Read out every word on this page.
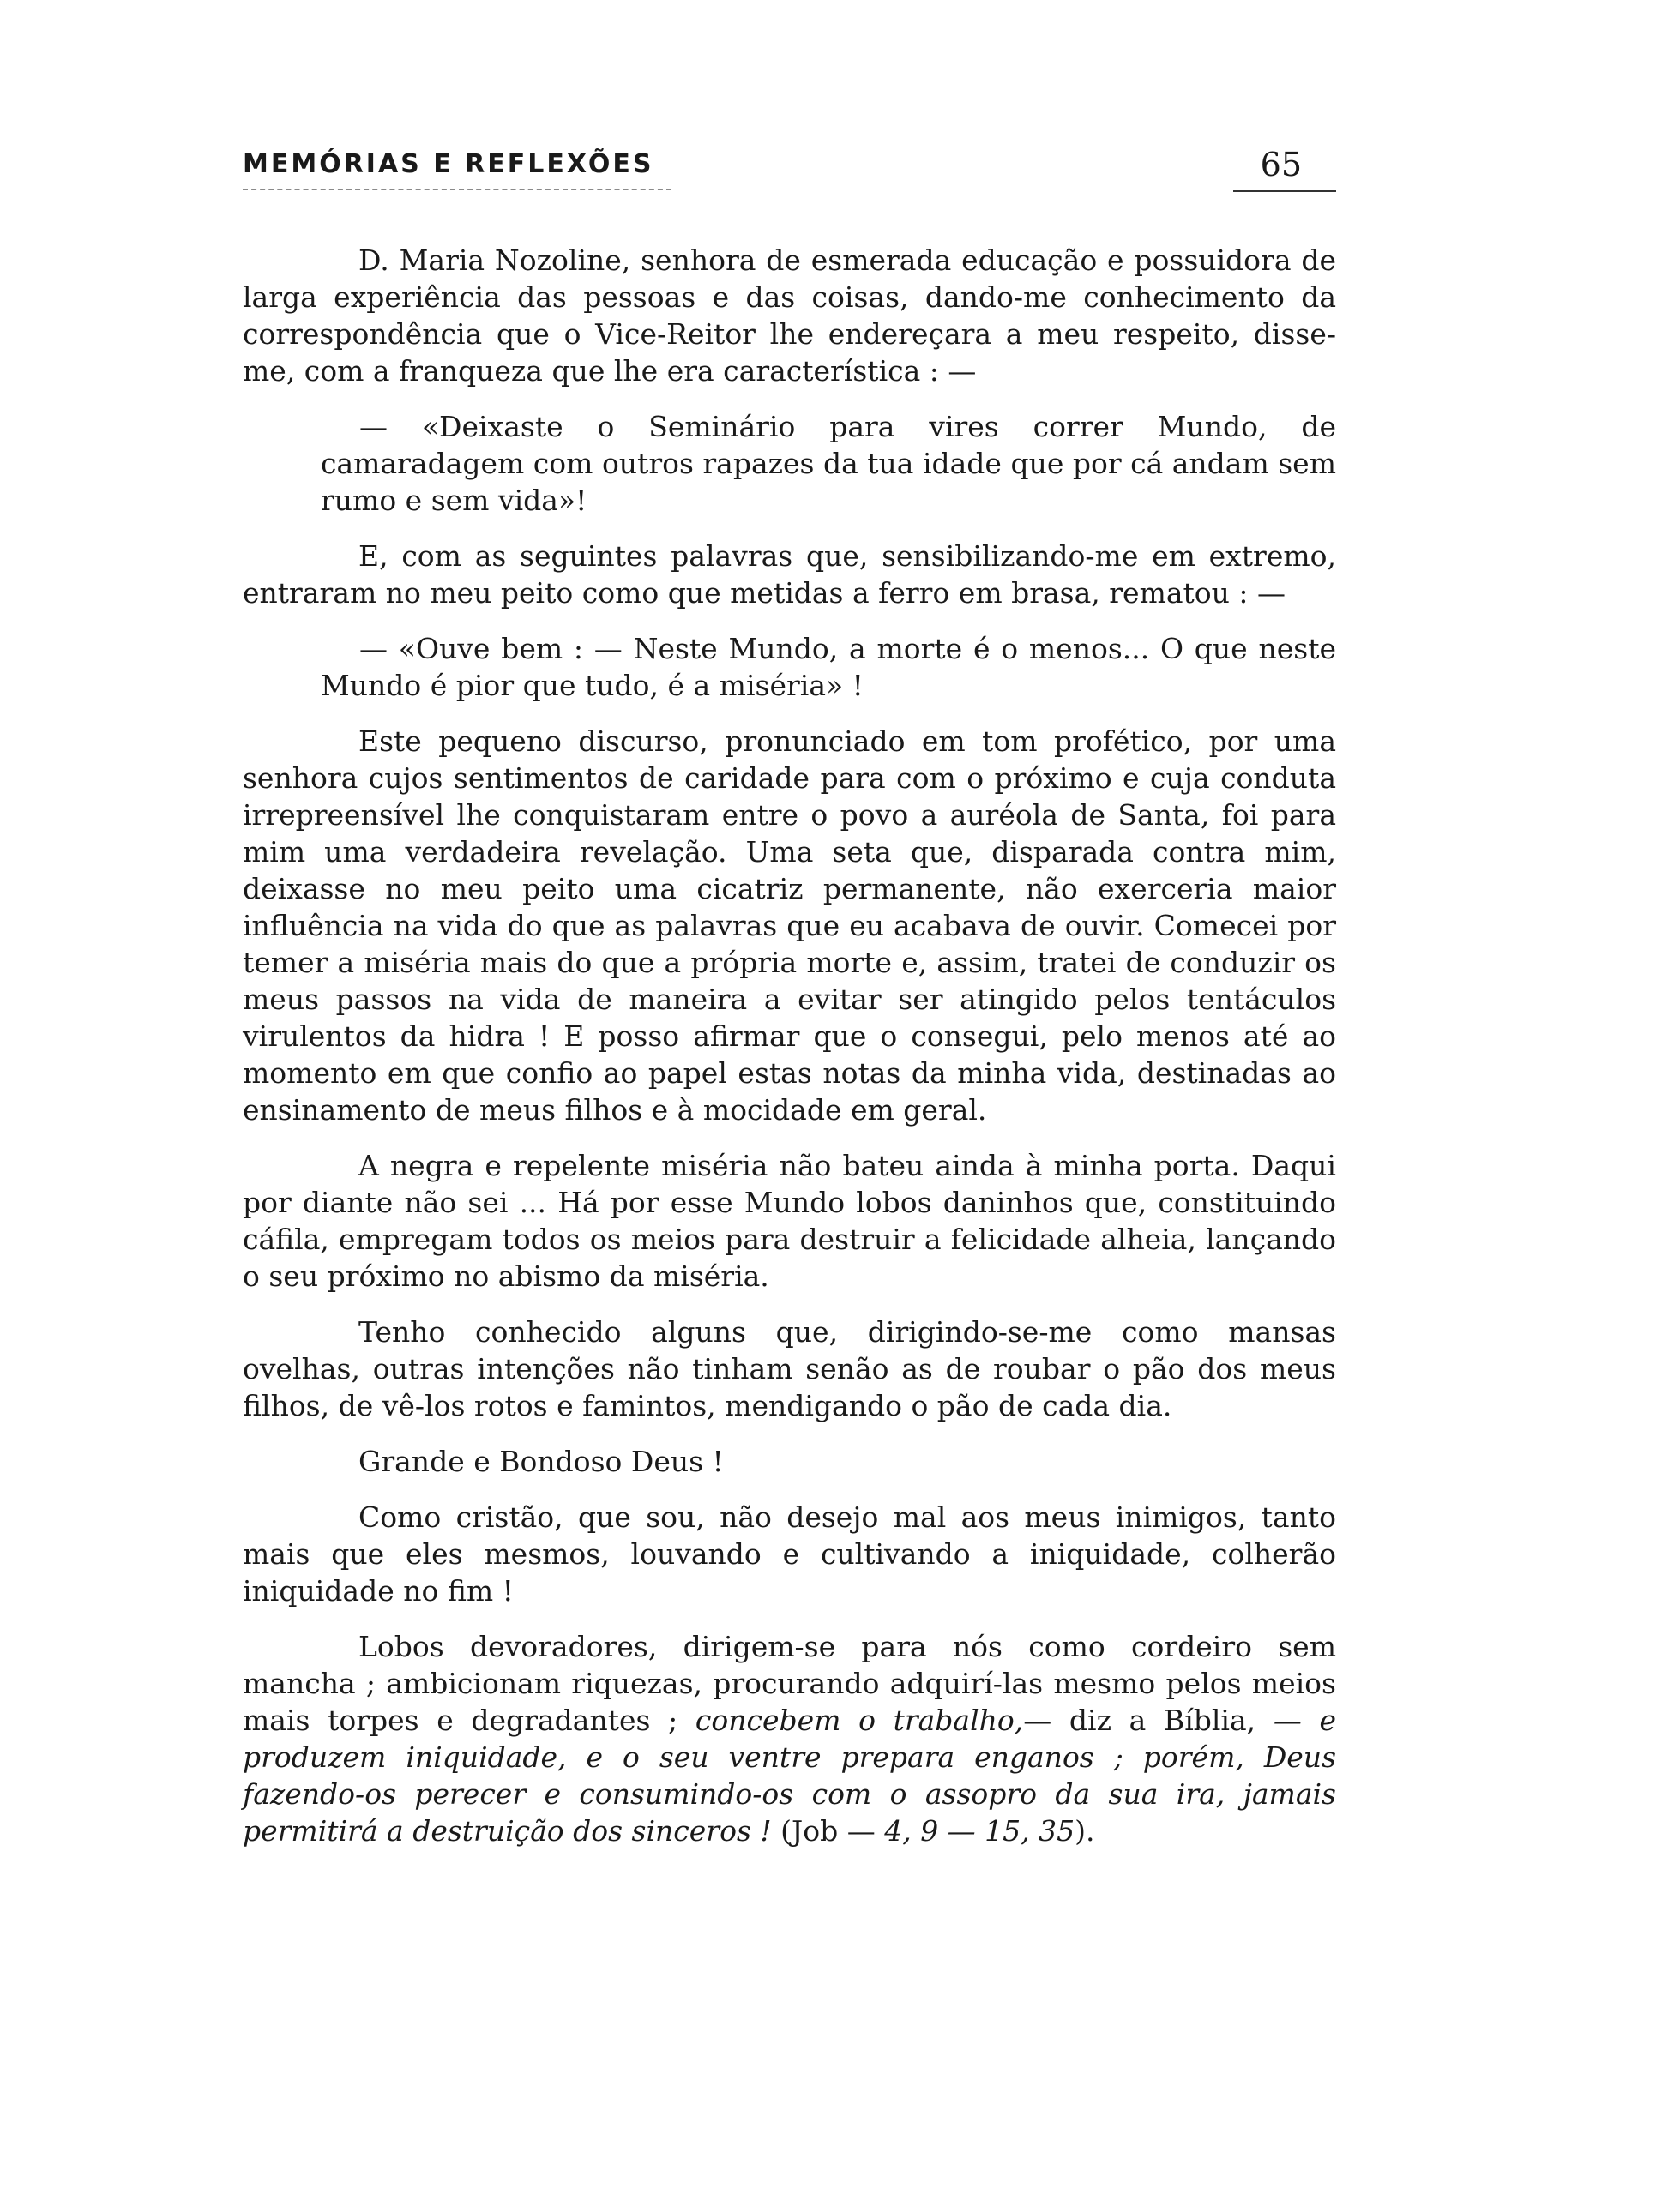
MEMÓRIAS E REFLEXÕES	65

D. Maria Nozoline, senhora de esmerada educação e possuidora de larga experiência das pessoas e das coisas, dando-me conhecimento da correspondência que o Vice-Reitor lhe endereçara a meu respeito, disse-me, com a franqueza que lhe era característica : —

— «Deixaste o Seminário para vires correr Mundo, de camaradagem com outros rapazes da tua idade que por cá andam sem rumo e sem vida»!

E, com as seguintes palavras que, sensibilizando-me em extremo, entraram no meu peito como que metidas a ferro em brasa, rematou : —

— «Ouve bem : — Neste Mundo, a morte é o menos... O que neste Mundo é pior que tudo, é a miséria» !

Este pequeno discurso, pronunciado em tom profético, por uma senhora cujos sentimentos de caridade para com o próximo e cuja conduta irrepreensível lhe conquistaram entre o povo a auréola de Santa, foi para mim uma verdadeira revelação. Uma seta que, disparada contra mim, deixasse no meu peito uma cicatriz permanente, não exerceria maior influência na vida do que as palavras que eu acabava de ouvir. Comecei por temer a miséria mais do que a própria morte e, assim, tratei de conduzir os meus passos na vida de maneira a evitar ser atingido pelos tentáculos virulentos da hidra ! E posso afirmar que o consegui, pelo menos até ao momento em que confio ao papel estas notas da minha vida, destinadas ao ensinamento de meus filhos e à mocidade em geral.

A negra e repelente miséria não bateu ainda à minha porta. Daqui por diante não sei ... Há por esse Mundo lobos daninhos que, constituindo cáfila, empregam todos os meios para destruir a felicidade alheia, lançando o seu próximo no abismo da miséria.

Tenho conhecido alguns que, dirigindo-se-me como mansas ovelhas, outras intenções não tinham senão as de roubar o pão dos meus filhos, de vê-los rotos e famintos, mendigando o pão de cada dia.

Grande e Bondoso Deus !

Como cristão, que sou, não desejo mal aos meus inimigos, tanto mais que eles mesmos, louvando e cultivando a iniquidade, colherão iniquidade no fim !

Lobos devoradores, dirigem-se para nós como cordeiro sem mancha ; ambicionam riquezas, procurando adquirí-las mesmo pelos meios mais torpes e degradantes ; concebem o trabalho,— diz a Bíblia, — e produzem iniquidade, e o seu ventre prepara enganos ; porém, Deus fazendo-os perecer e consumindo-os com o assopro da sua ira, jamais permitirá a destruição dos sinceros ! (Job — 4, 9 — 15, 35).
